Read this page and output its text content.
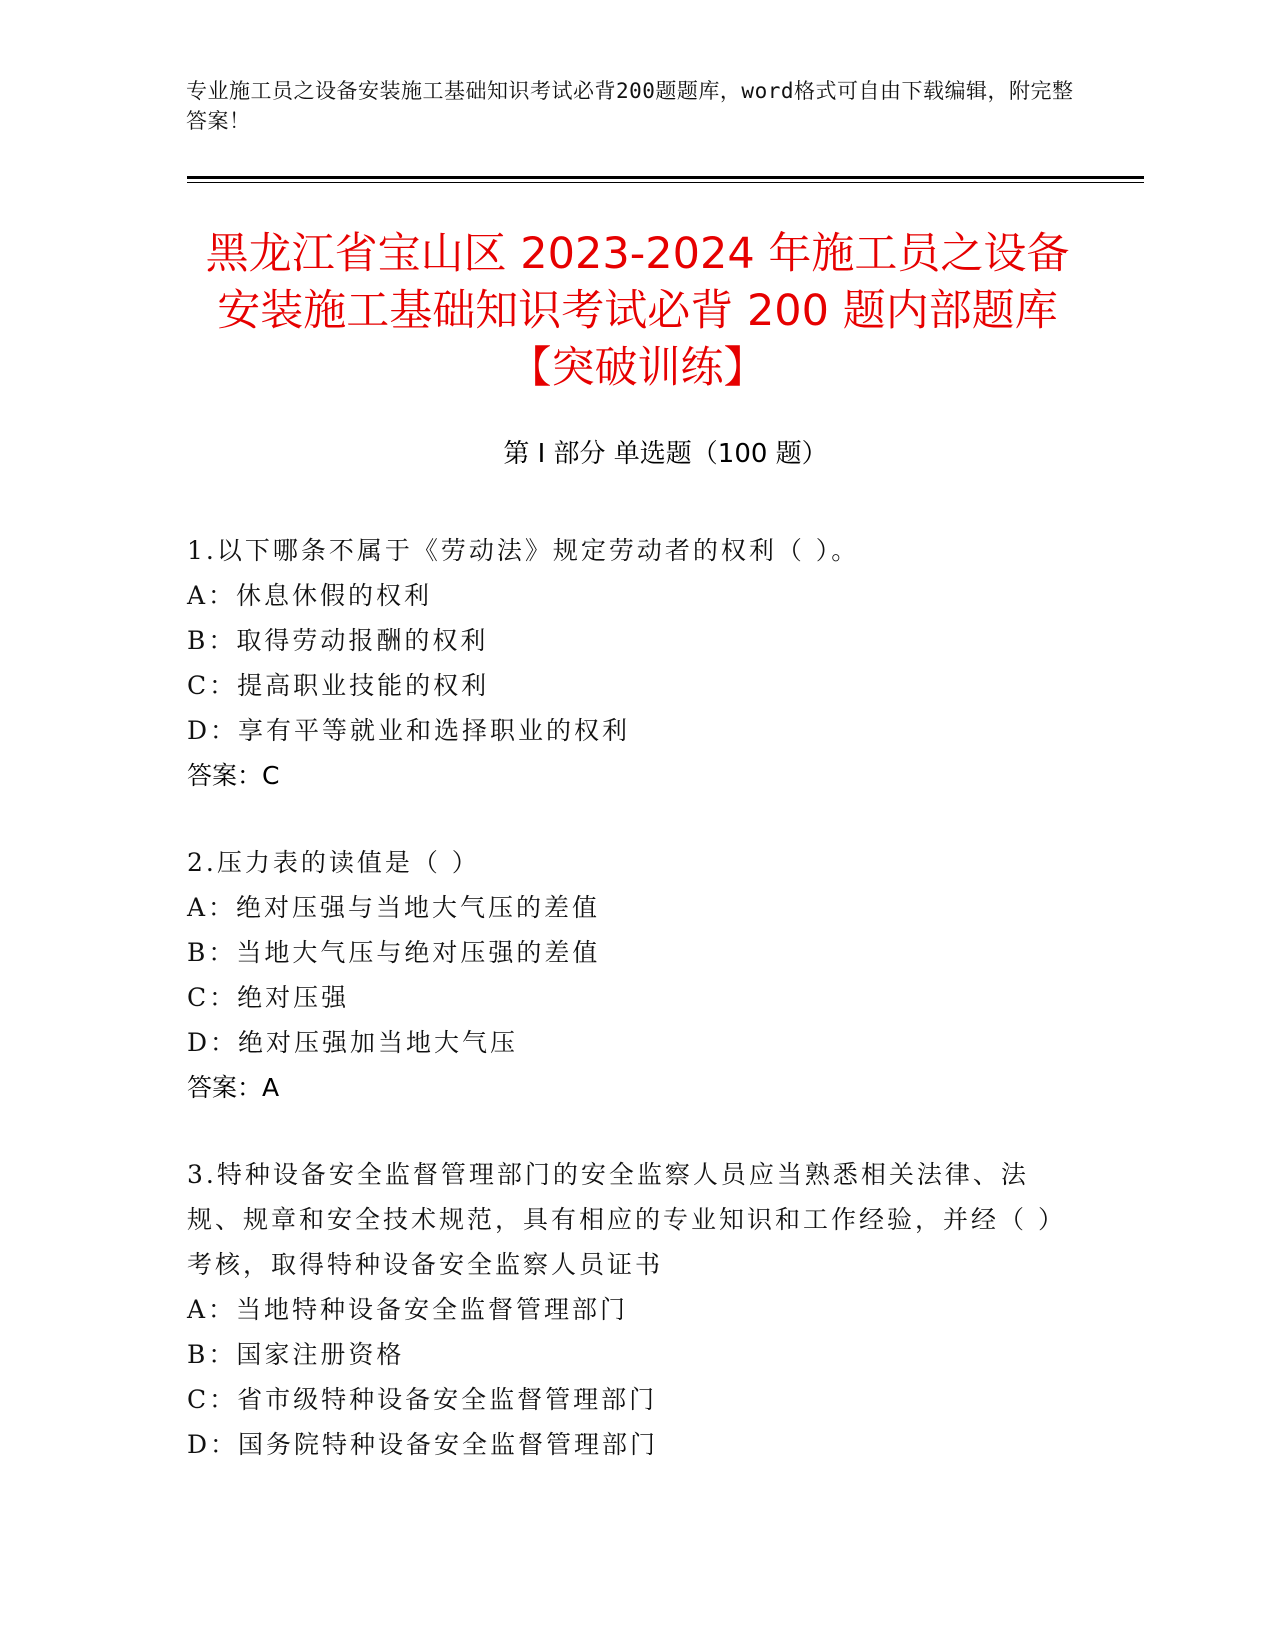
专业施工员之设备安装施工基础知识考试必背200题题库，word格式可自由下载编辑，附完整答案！
黑龙江省宝山区 2023-2024 年施工员之设备
安装施工基础知识考试必背 200 题内部题库
【突破训练】
第 I 部分 单选题（100 题）
1.以下哪条不属于《劳动法》规定劳动者的权利（ ）。
A：休息休假的权利
B：取得劳动报酬的权利
C：提高职业技能的权利
D：享有平等就业和选择职业的权利
答案：C
2.压力表的读值是（ ）
A：绝对压强与当地大气压的差值
B：当地大气压与绝对压强的差值
C：绝对压强
D：绝对压强加当地大气压
答案：A
3.特种设备安全监督管理部门的安全监察人员应当熟悉相关法律、法规、规章和安全技术规范，具有相应的专业知识和工作经验，并经（ ）考核，取得特种设备安全监察人员证书
A：当地特种设备安全监督管理部门
B：国家注册资格
C：省市级特种设备安全监督管理部门
D：国务院特种设备安全监督管理部门
